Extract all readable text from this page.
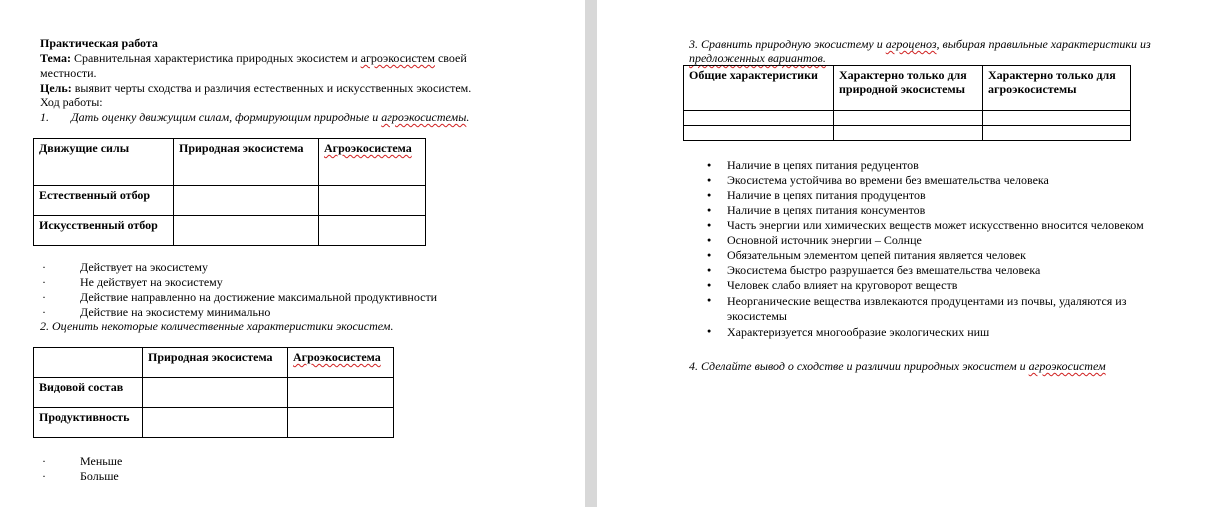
Практическая работа
Тема: Сравнительная характеристика природных экосистем и агроэкосистем своей
местности.
Цель: выявит черты сходства и различия естественных и искусственных экосистем.
Ход работы:
1. Дать оценку движущим силам, формирующим природные и агроэкосистемы.
Движущие силы	Природная экосистема	Агроэкосистема
Естественный отбор		
Искусственный отбор		
· Действует на экосистему
· Не действует на экосистему
· Действие направленно на достижение максимальной продуктивности
· Действие на экосистему минимально
2. Оценить некоторые количественные характеристики экосистем.
	Природная экосистема	Агроэкосистема
Видовой состав		
Продуктивность		
· Меньше
· Больше
3. Сравнить природную экосистему и агроценоз, выбирая правильные характеристики из
предложенных вариантов.
Общие характеристики	Характерно только для природной экосистемы	Характерно только для агроэкосистемы

● Наличие в цепях питания редуцентов
● Экосистема устойчива во времени без вмешательства человека
● Наличие в цепях питания продуцентов
● Наличие в цепях питания консументов
● Часть энергии или химических веществ может искусственно вносится человеком
● Основной источник энергии – Солнце
● Обязательным элементом цепей питания является человек
● Экосистема быстро разрушается без вмешательства человека
● Человек слабо влияет на круговорот веществ
● Неорганические вещества извлекаются продуцентами из почвы, удаляются из экосистемы
● Характеризуется многообразие экологических ниш
4. Сделайте вывод о сходстве и различии природных экосистем и агроэкосистем
